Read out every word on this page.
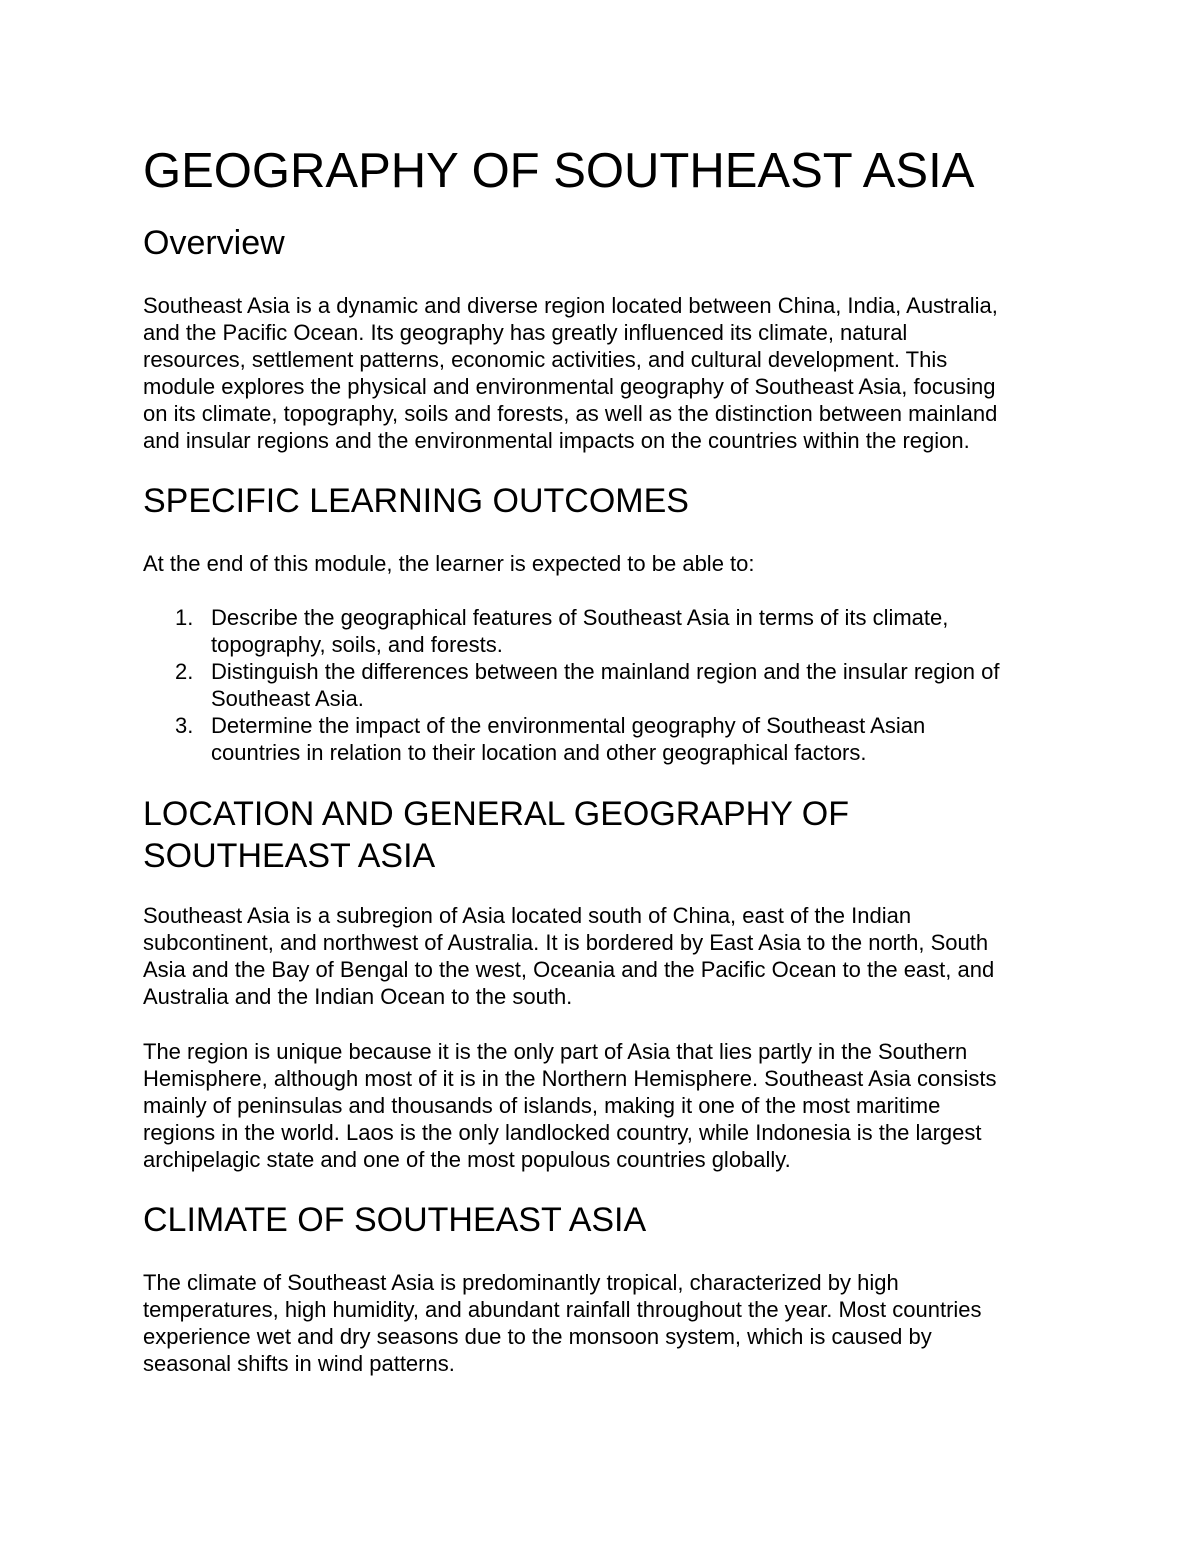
GEOGRAPHY OF SOUTHEAST ASIA
Overview

Southeast Asia is a dynamic and diverse region located between China, India, Australia,
and the Pacific Ocean. Its geography has greatly influenced its climate, natural
resources, settlement patterns, economic activities, and cultural development. This
module explores the physical and environmental geography of Southeast Asia, focusing
on its climate, topography, soils and forests, as well as the distinction between mainland
and insular regions and the environmental impacts on the countries within the region.

SPECIFIC LEARNING OUTCOMES

At the end of this module, the learner is expected to be able to:

1. Describe the geographical features of Southeast Asia in terms of its climate,
topography, soils, and forests.
2. Distinguish the differences between the mainland region and the insular region of
Southeast Asia.
3. Determine the impact of the environmental geography of Southeast Asian
countries in relation to their location and other geographical factors.
LOCATION AND GENERAL GEOGRAPHY OF
SOUTHEAST ASIA

Southeast Asia is a subregion of Asia located south of China, east of the Indian
subcontinent, and northwest of Australia. It is bordered by East Asia to the north, South
Asia and the Bay of Bengal to the west, Oceania and the Pacific Ocean to the east, and
Australia and the Indian Ocean to the south.

The region is unique because it is the only part of Asia that lies partly in the Southern
Hemisphere, although most of it is in the Northern Hemisphere. Southeast Asia consists
mainly of peninsulas and thousands of islands, making it one of the most maritime
regions in the world. Laos is the only landlocked country, while Indonesia is the largest
archipelagic state and one of the most populous countries globally.

CLIMATE OF SOUTHEAST ASIA

The climate of Southeast Asia is predominantly tropical, characterized by high
temperatures, high humidity, and abundant rainfall throughout the year. Most countries
experience wet and dry seasons due to the monsoon system, which is caused by
seasonal shifts in wind patterns.
